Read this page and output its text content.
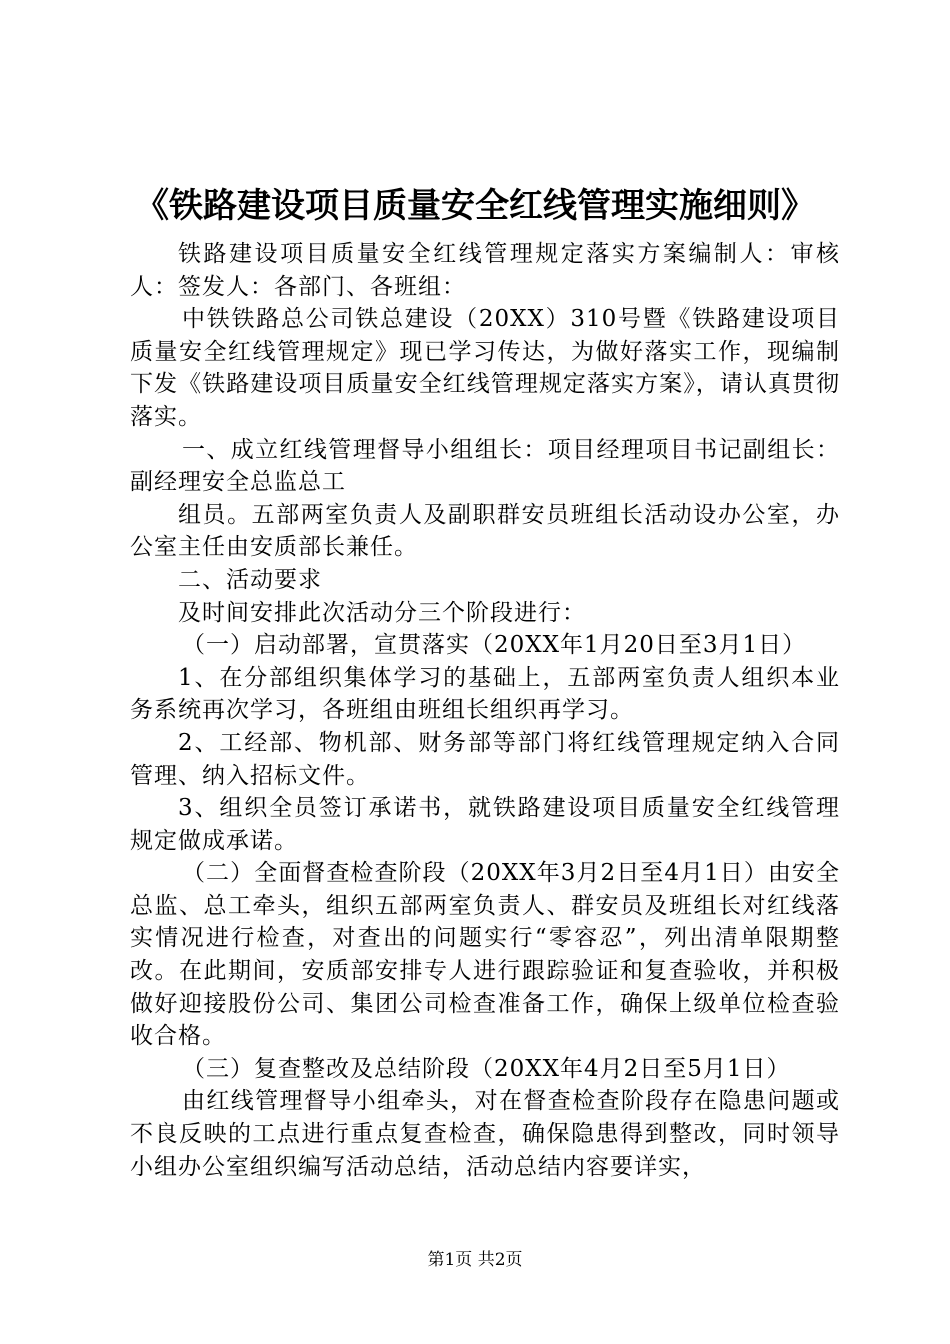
《铁路建设项目质量安全红线管理实施细则》

铁路建设项目质量安全红线管理规定落实方案编制人：审核人：签发人：各部门、各班组：

中铁铁路总公司铁总建设（20XX）310号暨《铁路建设项目质量安全红线管理规定》现已学习传达，为做好落实工作，现编制下发《铁路建设项目质量安全红线管理规定落实方案》，请认真贯彻落实。

一、成立红线管理督导小组组长：项目经理项目书记副组长：副经理安全总监总工

组员。五部两室负责人及副职群安员班组长活动设办公室，办公室主任由安质部长兼任。

二、活动要求

及时间安排此次活动分三个阶段进行：

（一）启动部署，宣贯落实（20XX年1月20日至3月1日）

1、在分部组织集体学习的基础上，五部两室负责人组织本业务系统再次学习，各班组由班组长组织再学习。

2、工经部、物机部、财务部等部门将红线管理规定纳入合同管理、纳入招标文件。

3、组织全员签订承诺书，就铁路建设项目质量安全红线管理规定做成承诺。

（二）全面督查检查阶段（20XX年3月2日至4月1日）由安全总监、总工牵头，组织五部两室负责人、群安员及班组长对红线落实情况进行检查，对查出的问题实行“零容忍”，列出清单限期整改。在此期间，安质部安排专人进行跟踪验证和复查验收，并积极做好迎接股份公司、集团公司检查准备工作，确保上级单位检查验收合格。

（三）复查整改及总结阶段（20XX年4月2日至5月1日）

由红线管理督导小组牵头，对在督查检查阶段存在隐患问题或不良反映的工点进行重点复查检查，确保隐患得到整改，同时领导小组办公室组织编写活动总结，活动总结内容要详实，

第1页 共2页
